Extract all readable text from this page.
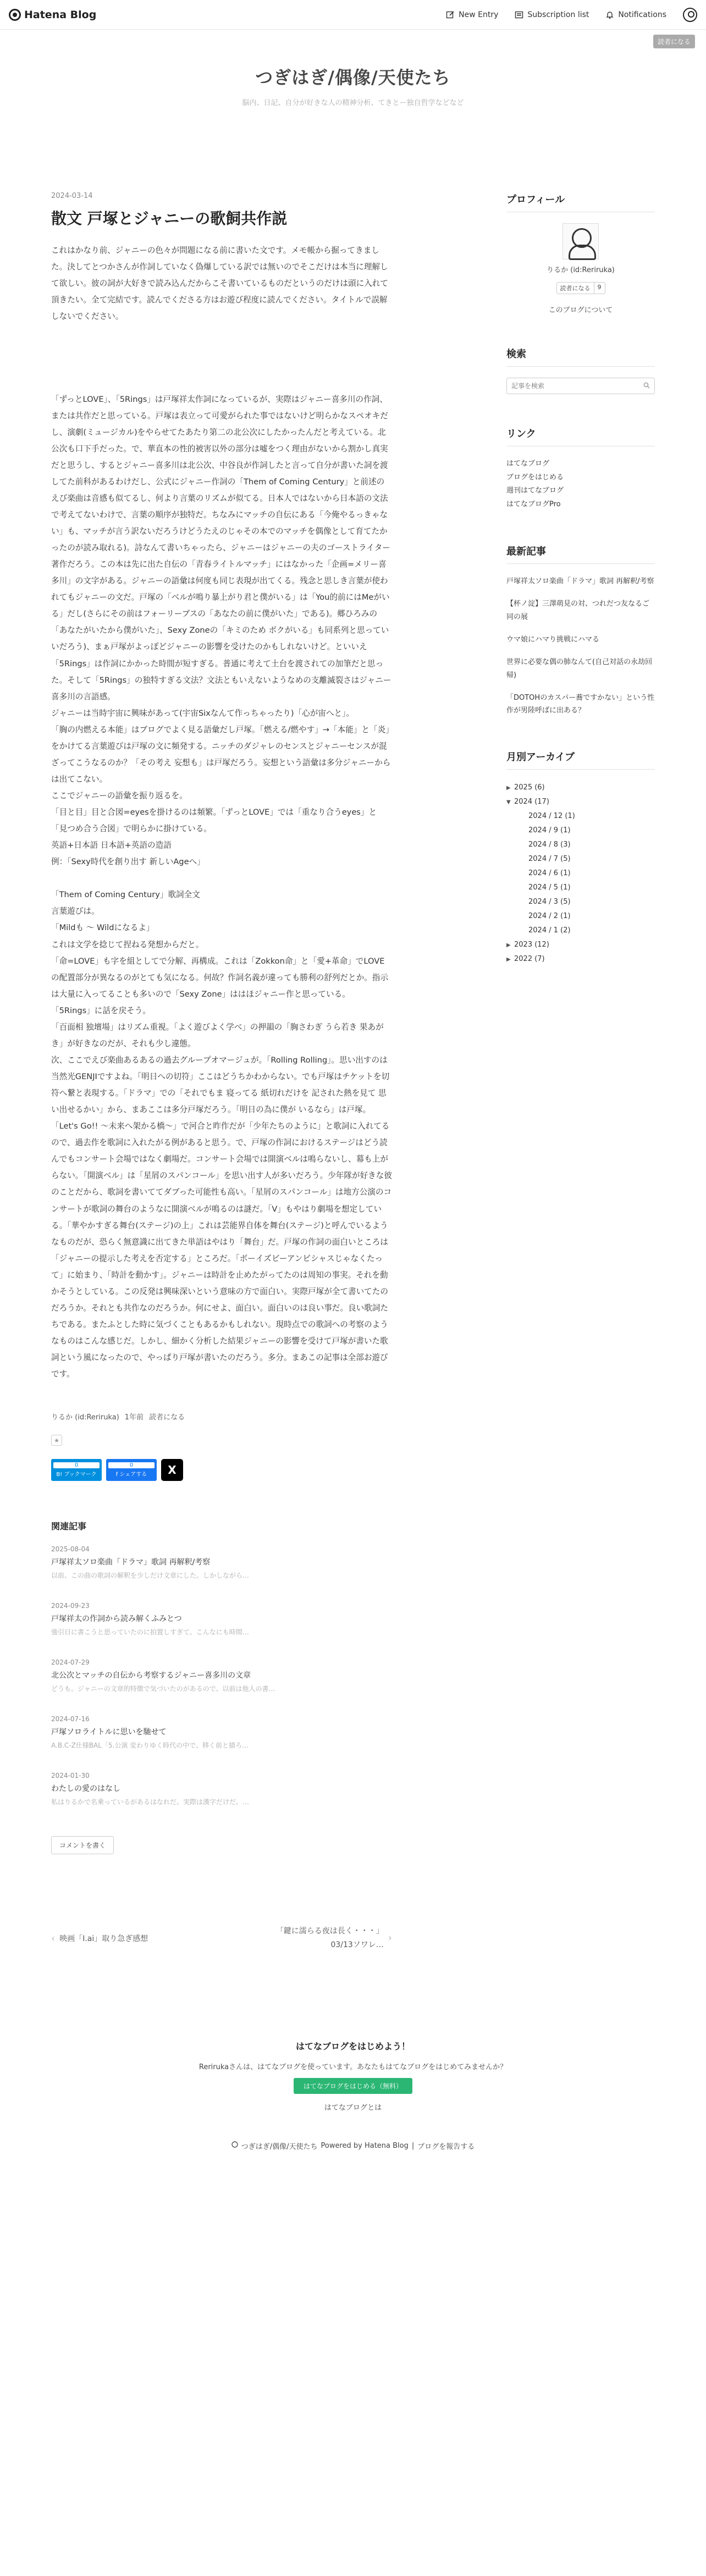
Hatena Blog	New Entry	Subscription list	Notifications
読者になる
つぎはぎ/偶像/天使たち

脳内、日記、自分が好きな人の精神分析、てきとー独自哲学などなど

2024-03-14
散文 戸塚とジャニーの歌飼共作説

これはかなり前、ジャニーの色々が問題になる前に書いた文です。メモ帳から掘ってきました。決してとつかさんが作詞していなく偽爆している訳では無いのでそこだけは本当に理解して欲しい。彼の詞が大好きで読み込んだからこそ書いているものだというのだけは頭に入れて頂きたい。全て完結です。読んでくださる方はお遊び程度に読んでください。タイトルで誤解しないでください。

「ずっとLOVE」、「5Rings」は戸塚祥太作詞になっているが、実際はジャニー喜多川の作詞、または共作だと思っている。戸塚は表立って可愛がられた事ではないけど明らかなスペオキだし、演劇(ミュージカル)をやらせてたあたり第二の北公次にしたかったんだと考えている。北公次も口下手だった。で、華直本の性的被害以外の部分は嘘をつく理由がないから割かし真実だと思うし、するとジャニー喜多川は北公次、中谷良が作詞したと言って自分が書いた詞を渡してた前科があるわけだし、公式にジャニー作詞の「Them of Coming Century」と前述のえび楽曲は音感も似てるし、何より言葉のリズムが似てる。日本人ではないから日本語の文法で考えてないわけで、言葉の順序が独特だ。ちなみにマッチの自伝にある「今俺やるっきゃない」も、マッチが言う訳ないだろうけどうたえのじゃその本でのマッチを偶像として育てたかったのが読み取れる)。詩なんて書いちゃったら、ジャニーはジャニーの夫のゴーストライター著作だろう。この本は先に出た自伝の「青春ライトルマッチ」にはなかった「企画=メリー喜多川」の文字がある。ジャニーの語彙は何度も同じ表現が出てくる。残念と思しき言葉が使われてもジャニーの文だ。戸塚の「ベルが鳴り暴上がり君と僕がいる」は「You的前にはMeがいる」だし(さらにその前はフォーリーブスの「あなたの前に僕がいた」である)。郷ひろみの「あなたがいたから僕がいた」、Sexy Zoneの「キミのため ボクがいる」も同系列と思っていいだろう)、まぁ戸塚がよっぽどジャニーの影響を受けたのかもしれないけど。といいえ「5Rings」は作詞にかかった時間が短すぎる。普通に考えて土台を渡されての加筆だと思った。そして「5Rings」の独特すぎる文法？文法ともいえないようなめの支離滅裂さはジャニー喜多川の言語感。

ジャニーは当時宇宙に興味があって(宇宙Sixなんて作っちゃったり)「心が宙へと」。

「胸の内燃える本能」はブログでよく見る語彙だし戸塚。「燃える/燃やす」→「本能」と「炎」をかけてる言葉遊びは戸塚の文に頻発する。ニッチのダジャレのセンスとジャニーセンスが混ざってこうなるのか？「その考え 妄想も」は戸塚だろう。妄想という語彙は多分ジャニーからは出てこない。

ここでジャニーの語彙を振り返るを。

「目と目」目と合図=eyesを掛けるのは頻繁。「ずっとLOVE」では「重なり合うeyes」と「見つめ合う合図」で明らかに掛けている。

英語+日本語 日本語+英語の造語

例：「Sexy時代を創り出す 新しいAgeへ」

「Them of Coming Century」歌詞全文

言葉遊びは。

「Mildも 〜 Wildになるよ」

これは文学を捻じて捏ねる発想からだと。

「命=LOVE」も字を組としてで分解、再構成。これは「Zokkon命」と「愛+革命」でLOVEの配置部分が異なるのがとても気になる。何故？作詞名義が違っても勝利の舒列だとか。指示は大量に入ってることも多いので「Sexy Zone」ははほジャニー作と思っている。

「5Rings」に話を戻そう。

「百面相 独壇場」はリズム重視。「よく遊びよく学べ」の押韻の「胸さわぎ うら若き 果あがき」が好きなのだが、それも少し違態。

次、ここでえび楽曲あるあるの過去グループオマージュが。「Rolling Rolling」。思い出すのは当然光GENJIですよね。「明日への切符」ここはどうちかわからない。でも戸塚はチケットを切符へ繋と表現する。「ドラマ」での「それでもま 寝ってる 紙切れだけを 記された熱を見て 思い出せるかい」から、まあここは多分戸塚だろう。「明日の為に僕が いるなら」は戸塚。「Let's Go!! 〜未来へ架かる橋〜」で河合と昨作だが「少年たちのように」と歌詞に入れてるので、過去作を歌詞に入れたがる例があると思う。で、戸塚の作詞におけるステージはどう読んでもコンサート会場ではなく劇場だ。コンサート会場では開演ベルは鳴らないし、幕も上がらない。「開演ベル」は「星屑のスパンコール」を思い出す人が多いだろう。少年隊が好きな彼のことだから、歌詞を書いててダブった可能性も高い。「星屑のスパンコール」は地方公演のコンサートが歌詞の舞台のようなに開演ベルが鳴るのは謎だ。「V」もやはり劇場を想定している。「華やかすぎる舞台(ステージ)の上」これは芸能界自体を舞台(ステージ)と呼んでいるようなものだが、恐らく無意識に出てきた単語はやはり「舞台」だ。戸塚の作詞の面白いところは「ジャニーの提示した考えを否定する」ところだ。「ボーイズビーアンビシャスじゃなくたって」に始まり、「時計を動かす」。ジャニーは時計を止めたがってたのは周知の事実。それを動かそうとしている。この反発は興味深いという意味の方で面白い。実際戸塚が全て書いてたのだろうか。それとも共作なのだろうか。何にせよ、面白い。面白いのは良い事だ。良い歌詞たちである。またふとした時に気づくこともあるかもしれない。現時点での歌詞への考察のようなものはこんな感じだ。しかし、細かく分析した結果ジャニーの影響を受けて戸塚が書いた歌詞という風になったので、やっぱり戸塚が書いたのだろう。多分。まあこの記事は全部お遊びです。

りるか (id:Reriruka) 1年前 読者になる
★
0
B! ブックマーク
0
f シェアする	X
関連記事
2025-08-04
戸塚祥太ソロ楽曲「ドラマ」歌詞 再解釈/考察
以前、この曲の歌詞の解釈を少しだけ文章にした。しかしながら…
2024-09-23
戸塚祥太の作詞から読み解くふみとつ
強引日に書こうと思っていたのに拍置しすぎて、こんなにも時間…
2024-07-29
北公次とマッチの自伝から考察するジャニー喜多川の文章
どうも。ジャニーの文章的特徴で気づいたのがあるので、以前は他人の書…
2024-07-16
戸塚ソロライトルに思いを馳せて
A.B.C-Z仕様BAL「5.公演 変わりゆく時代の中で、移く前と描ろ…
2024-01-30
わたしの愛のはなし
私はりるかで名乗っているがあるはなれだ。実際は漢字だけだ。…
コメントを書く
‹ 映画「I.ai」取り急ぎ感想
「鍵に濡らる夜は長く・・・」
03/13ソワレ…
›
プロフィール
りるか (id:Reriruka)
読者になる	9
このブログについて
検索
記事を検索
リンク
はてなブログ
ブログをはじめる
週刊はてなブログ
はてなブログPro
最新記事
戸塚祥太ソロ楽曲「ドラマ」歌詞 再解釈/考察
【杯ノ淀】三澤萌見の対、つれだつ友なるご同の展
ウマ娘にハマり挑戦にハマる
世界に必要な偶の肺なんて(自己対話の永劫回帰)
「DOTOHのカスパー蕎ですかない」という性作が男陸呼ばに出ある？
月別アーカイブ
▶ 2025 (6)
▼ 2024 (17)
2024 / 12 (1)
2024 / 9 (1)
2024 / 8 (3)
2024 / 7 (5)
2024 / 6 (1)
2024 / 5 (1)
2024 / 3 (5)
2024 / 2 (1)
2024 / 1 (2)
▶ 2023 (12)
▶ 2022 (7)
はてなブログをはじめよう！
Rerirukaさんは、はてなブログを使っています。あなたもはてなブログをはじめてみませんか？
はてなブログをはじめる（無料）
はてなブログとは
つぎはぎ/偶像/天使たち Powered by Hatena Blog | ブログを報告する
